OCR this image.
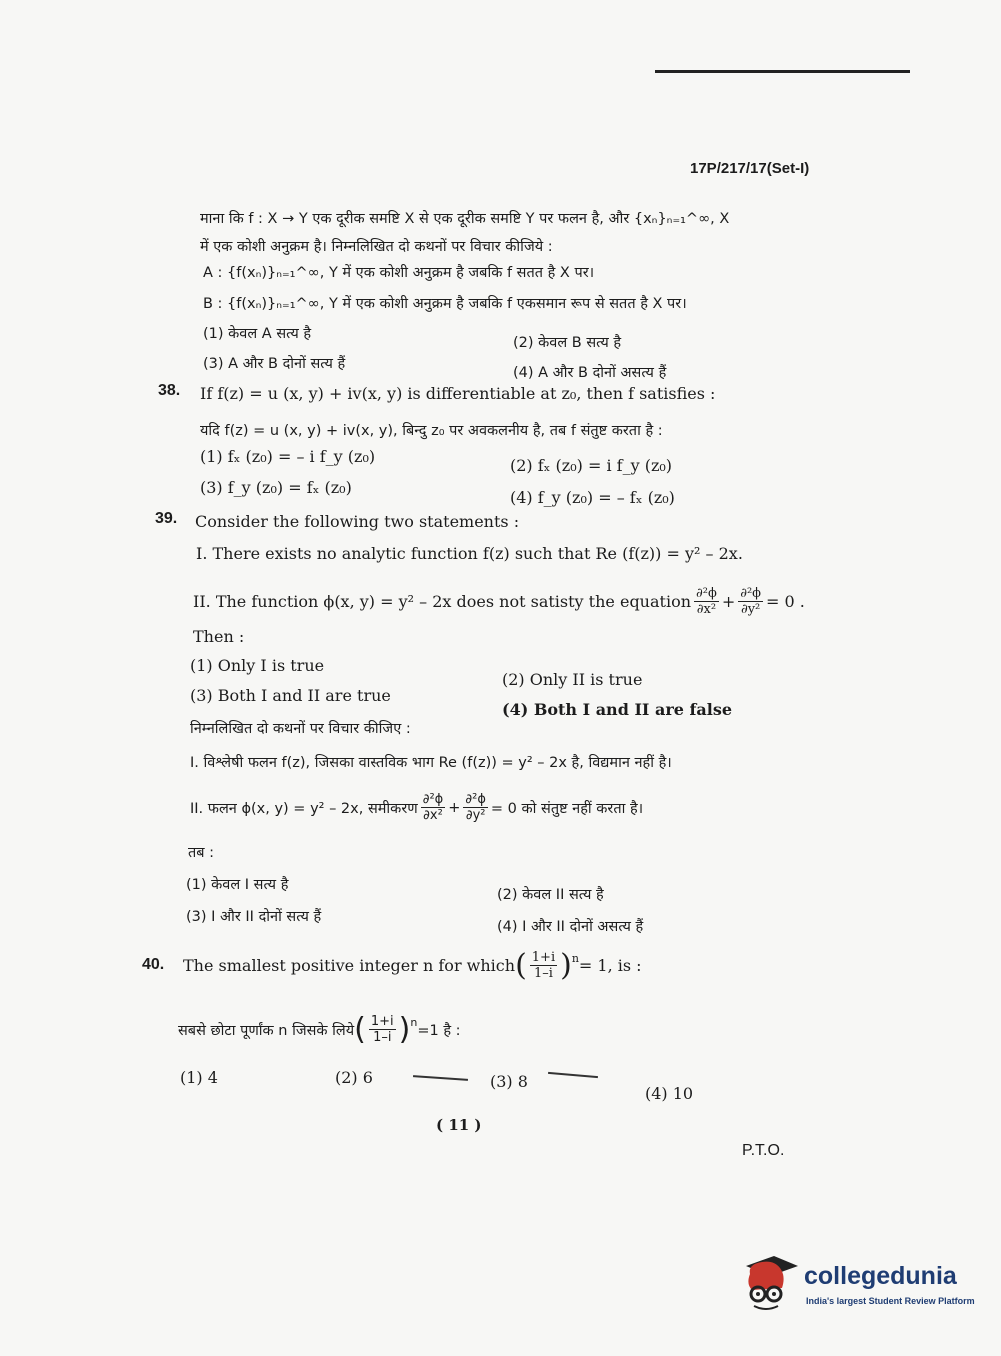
17P/217/17(Set-I)
माना कि f : X → Y एक दूरीक समष्टि X से एक दूरीक समष्टि Y पर फलन है, और {xₙ}ₙ₌₁^∞, X
में एक कोशी अनुक्रम है। निम्नलिखित दो कथनों पर विचार कीजिये :
A : {f(xₙ)}ₙ₌₁^∞, Y में एक कोशी अनुक्रम है जबकि f सतत है X पर।
B : {f(xₙ)}ₙ₌₁^∞, Y में एक कोशी अनुक्रम है जबकि f एकसमान रूप से सतत है X पर।
(1) केवल A सत्य है
(2) केवल B सत्य है
(3) A और B दोनों सत्य हैं
(4) A और B दोनों असत्य हैं
38. If f(z) = u (x, y) + iv(x, y) is differentiable at z₀, then f satisfies :
यदि f(z) = u (x, y) + iv(x, y), बिन्दु z₀ पर अवकलनीय है, तब f संतुष्ट करता है :
(1) fₓ (z₀) = – i f_y (z₀)	(2) fₓ (z₀) = i f_y (z₀)
(3) f_y (z₀) = fₓ (z₀)
(4) f_y (z₀) = – fₓ (z₀)
39. Consider the following two statements :
I. There exists no analytic function f(z) such that Re (f(z)) = y² – 2x.
II. The function ϕ(x, y) = y² – 2x does not satisty the equation $\frac{\text{∂²ϕ}}{\text{∂x²}} + \frac{\text{∂²ϕ}}{\text{∂y²}} = 0$ .
Then :
(1) Only I is true
(2) Only II is true
(3) Both I and II are true
(4) Both I and II are false
निम्नलिखित दो कथनों पर विचार कीजिए :
I. विश्लेषी फलन f(z), जिसका वास्तविक भाग Re (f(z)) = y² – 2x है, विद्यमान नहीं है।
II. फलन ϕ(x, y) = y² – 2x, समीकरण $\frac{\text{∂²ϕ}}{\text{∂x²}} + \frac{\text{∂²ϕ}}{\text{∂y²}} = 0$ को संतुष्ट नहीं करता है।
तब :
(1) केवल I सत्य है
(2) केवल II सत्य है
(3) I और II दोनों सत्य हैं
(4) I और II दोनों असत्य हैं
40. The smallest positive integer n for which ( $\frac{1+i}{1-i} )^n = 1$, is :
सबसे छोटा पूर्णांक n जिसके लिये ( $\frac{1+i}{1-i} )^n =1$ है :
(1) 4	(2) 6	(3) 8
(4) 10
( 11 )
P.T.O.
collegedunia
India's largest Student Review Platform
